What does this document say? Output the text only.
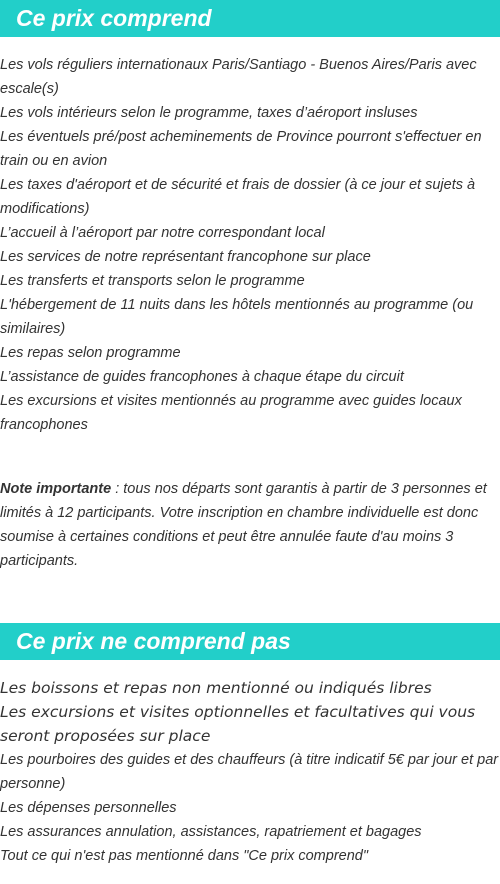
Ce prix comprend
Les vols réguliers internationaux Paris/Santiago - Buenos Aires/Paris avec escale(s)
Les vols intérieurs selon le programme, taxes d’aéroport insluses
Les éventuels pré/post acheminements de Province pourront s'effectuer en train ou en avion
Les taxes d'aéroport et de sécurité et frais de dossier (à ce jour et sujets à modifications)
L’accueil à l’aéroport par notre correspondant local
Les services de notre représentant francophone sur place
Les transferts et transports selon le programme
L'hébergement de 11 nuits dans les hôtels mentionnés au programme (ou similaires)
Les repas selon programme
L’assistance de guides francophones à chaque étape du circuit
Les excursions et visites mentionnés au programme avec guides locaux francophones

Note importante : tous nos départs sont garantis à partir de 3 personnes et limités à 12 participants. Votre inscription en chambre individuelle est donc soumise à certaines conditions et peut être annulée faute d'au moins 3 participants.

Ce prix ne comprend pas
Les boissons et repas non mentionné ou indiqués libres
Les excursions et visites optionnelles et facultatives qui vous seront proposées sur place
Les pourboires des guides et des chauffeurs (à titre indicatif 5€ par jour et par personne)
Les dépenses personnelles
Les assurances annulation, assistances, rapatriement et bagages
Tout ce qui n'est pas mentionné dans "Ce prix comprend"
